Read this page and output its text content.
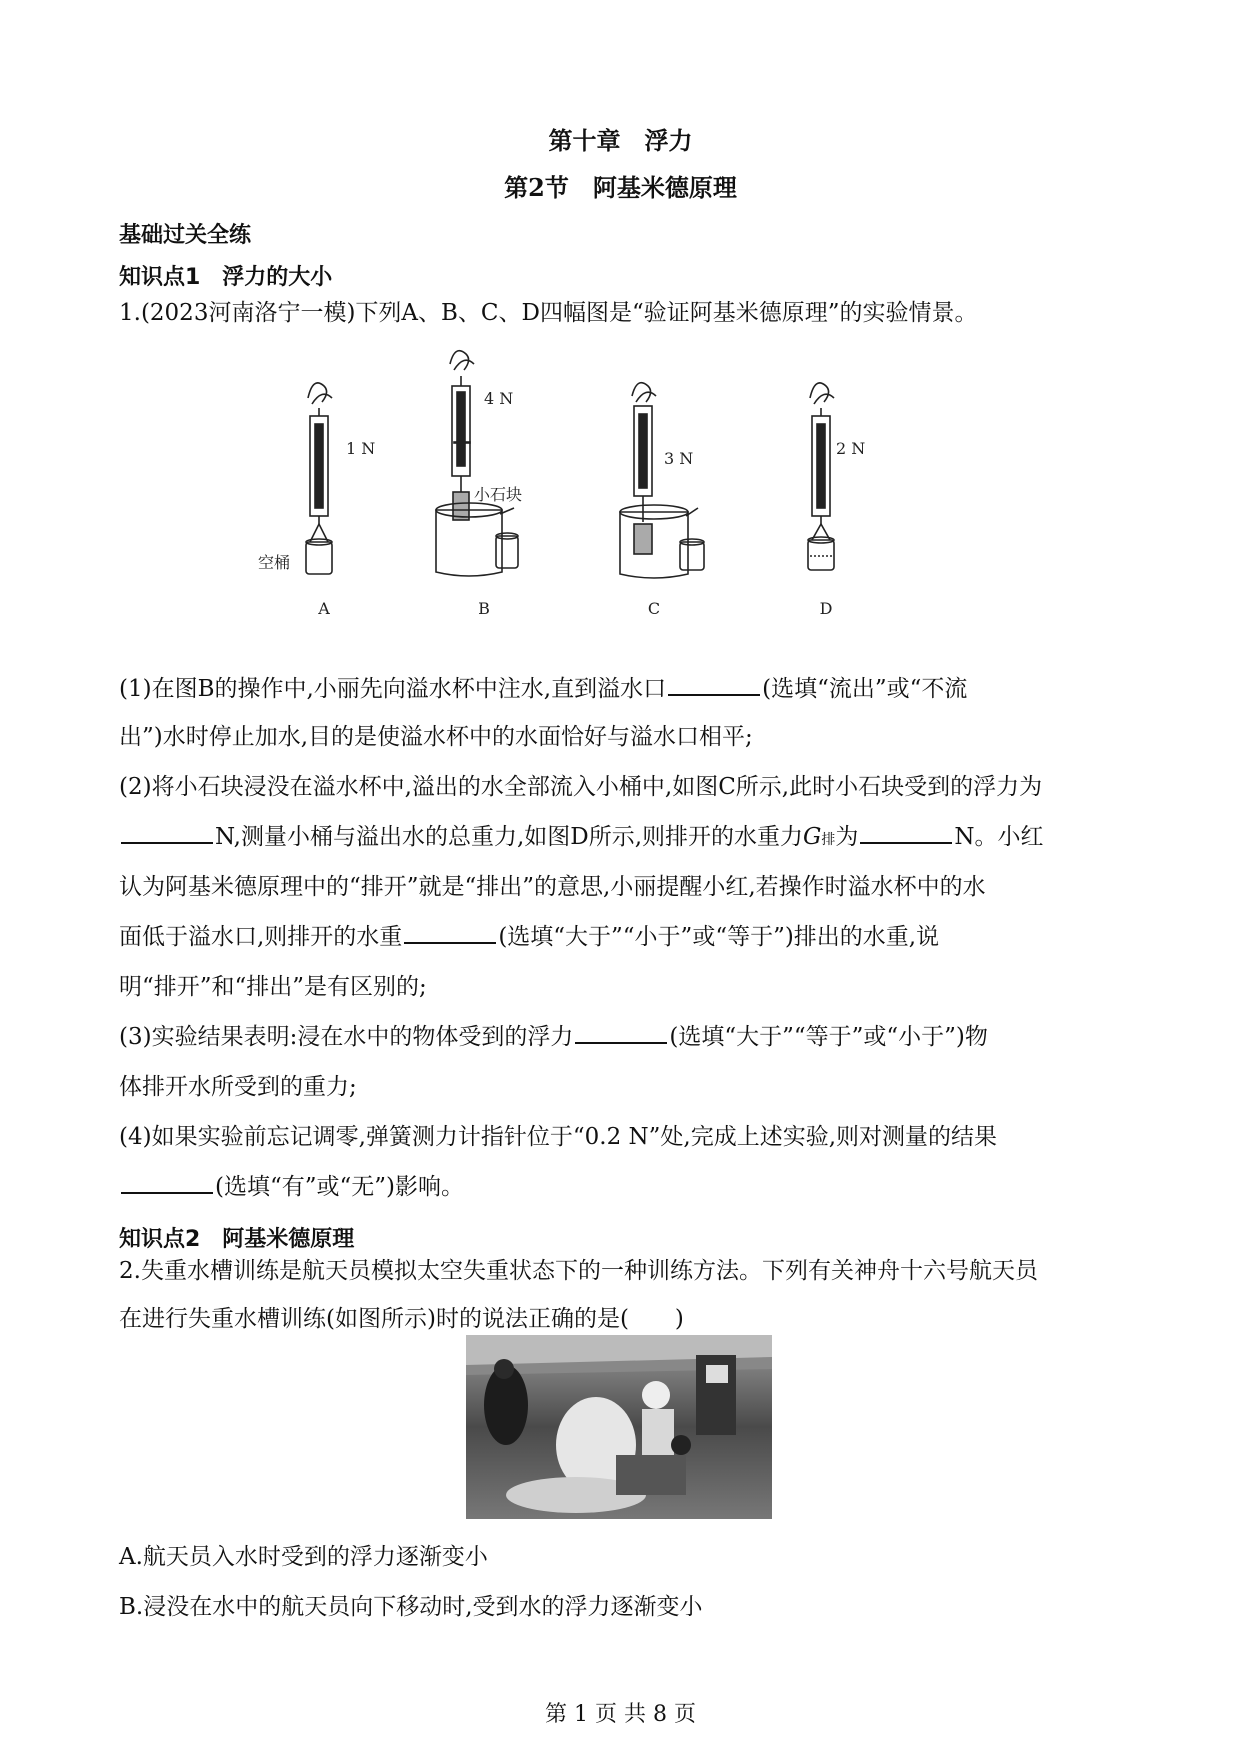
第十章　浮力
第2节　阿基米德原理
基础过关全练
知识点1　浮力的大小
1.(2023河南洛宁一模)下列A、B、C、D四幅图是“验证阿基米德原理”的实验情景。
1 N
4 N
3 N
2 N
空桶
小石块
A	B	C	D
(1)在图B的操作中,小丽先向溢水杯中注水,直到溢水口	(选填“流出”或“不流
出”)水时停止加水,目的是使溢水杯中的水面恰好与溢水口相平;
(2)将小石块浸没在溢水杯中,溢出的水全部流入小桶中,如图C所示,此时小石块受到的浮力为
N,测量小桶与溢出水的总重力,如图D所示,则排开的水重力G排为	N。小红
认为阿基米德原理中的“排开”就是“排出”的意思,小丽提醒小红,若操作时溢水杯中的水
面低于溢水口,则排开的水重	(选填“大于”“小于”或“等于”)排出的水重,说
明“排开”和“排出”是有区别的;
(3)实验结果表明:浸在水中的物体受到的浮力	(选填“大于”“等于”或“小于”)物
体排开水所受到的重力;
(4)如果实验前忘记调零,弹簧测力计指针位于“0.2 N”处,完成上述实验,则对测量的结果
(选填“有”或“无”)影响。
知识点2　阿基米德原理
2.失重水槽训练是航天员模拟太空失重状态下的一种训练方法。下列有关神舟十六号航天员
在进行失重水槽训练(如图所示)时的说法正确的是(　　)
A.航天员入水时受到的浮力逐渐变小
B.浸没在水中的航天员向下移动时,受到水的浮力逐渐变小
第 1 页 共 8 页
